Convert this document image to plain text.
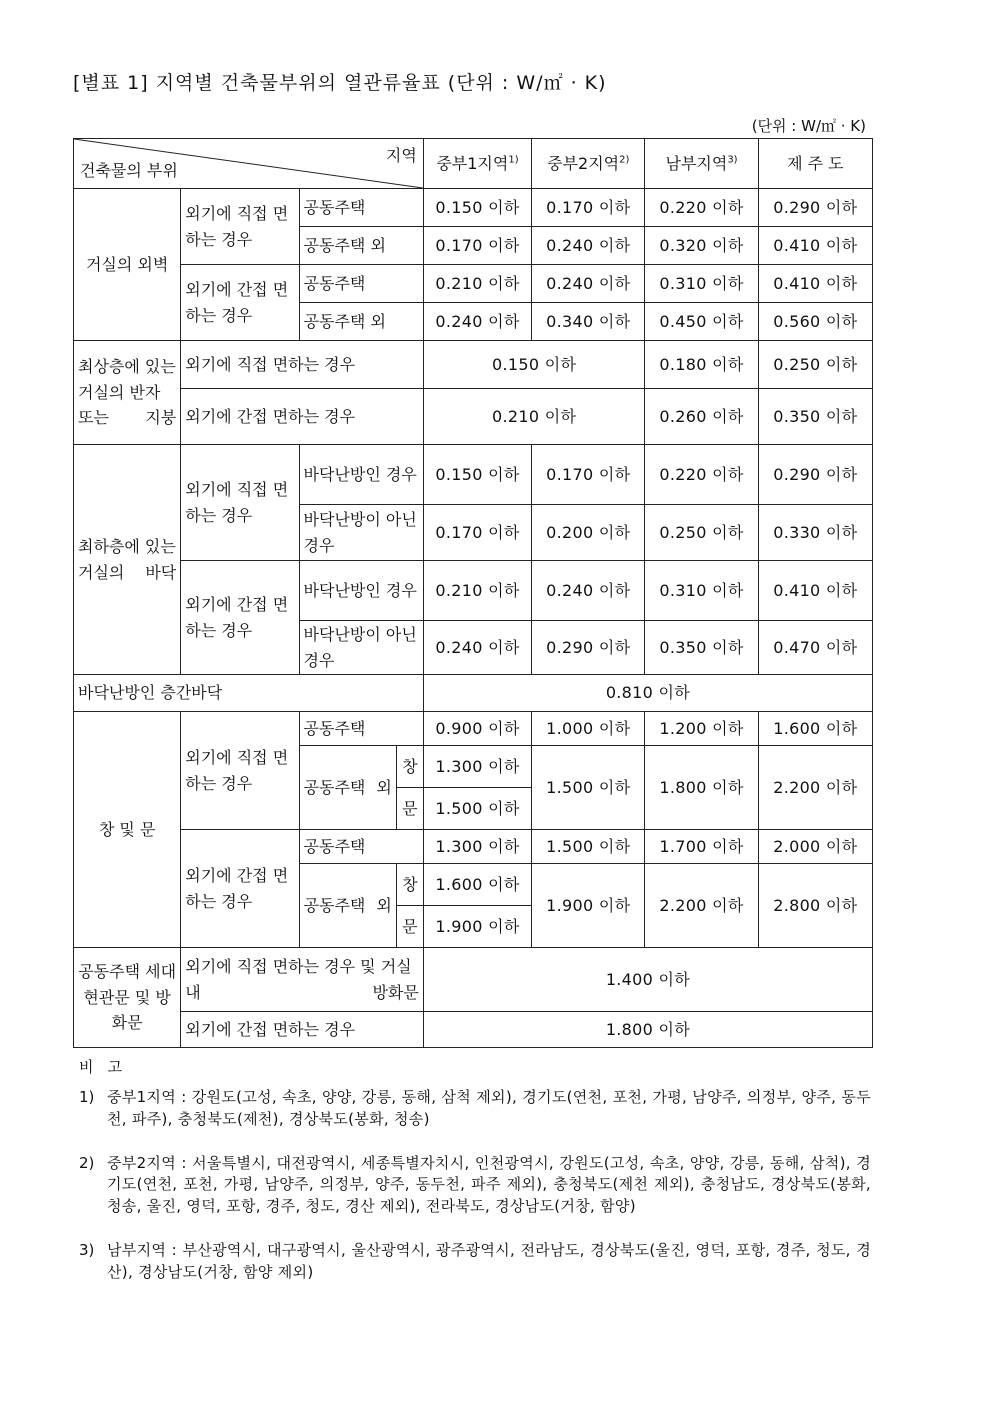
[별표 1] 지역별 건축물부위의 열관류율표 (단위 : W/㎡ · K)
(단위 : W/㎡ · K)
지역
건축물의 부위				중부1지역$^{1)}$	중부2지역$^{2)}$	남부지역$^{3)}$	제 주 도
거실의 외벽	외기에 직접 면하는 경우	공동주택		0.150 이하	0.170 이하	0.220 이하	0.290 이하
		공동주택 외		0.170 이하	0.240 이하	0.320 이하	0.410 이하
	외기에 간접 면하는 경우	공동주택		0.210 이하	0.240 이하	0.310 이하	0.410 이하
		공동주택 외		0.240 이하	0.340 이하	0.450 이하	0.560 이하
최상층에 있는 거실의 반자 또는 지붕	외기에 직접 면하는 경우			0.150 이하		0.180 이하	0.250 이하
	외기에 간접 면하는 경우			0.210 이하		0.260 이하	0.350 이하
최하층에 있는 거실의 바닥	외기에 직접 면하는 경우	바닥난방인 경우		0.150 이하	0.170 이하	0.220 이하	0.290 이하
		바닥난방이 아닌 경우		0.170 이하	0.200 이하	0.250 이하	0.330 이하
	외기에 간접 면하는 경우	바닥난방인 경우		0.210 이하	0.240 이하	0.310 이하	0.410 이하
		바닥난방이 아닌 경우		0.240 이하	0.290 이하	0.350 이하	0.470 이하
바닥난방인 층간바닥				0.810 이하			
창 및 문	외기에 직접 면하는 경우	공동주택		0.900 이하	1.000 이하	1.200 이하	1.600 이하
		공동주택 외	창	1.300 이하	1.500 이하	1.800 이하	2.200 이하
			문	1.500 이하			
	외기에 간접 면하는 경우	공동주택		1.300 이하	1.500 이하	1.700 이하	2.000 이하
		공동주택 외	창	1.600 이하	1.900 이하	2.200 이하	2.800 이하
			문	1.900 이하			
공동주택 세대현관문 및 방화문	외기에 직접 면하는 경우 및 거실 내 방화문			1.400 이하			
	외기에 간접 면하는 경우			1.800 이하			
비고
1) 중부1지역 : 강원도(고성, 속초, 양양, 강릉, 동해, 삼척 제외), 경기도(연천, 포천, 가평, 남양주, 의정부, 양주, 동두천, 파주), 충청북도(제천), 경상북도(봉화, 청송)
2) 중부2지역 : 서울특별시, 대전광역시, 세종특별자치시, 인천광역시, 강원도(고성, 속초, 양양, 강릉, 동해, 삼척), 경기도(연천, 포천, 가평, 남양주, 의정부, 양주, 동두천, 파주 제외), 충청북도(제천 제외), 충청남도, 경상북도(봉화, 청송, 울진, 영덕, 포항, 경주, 청도, 경산 제외), 전라북도, 경상남도(거창, 함양)
3) 남부지역 : 부산광역시, 대구광역시, 울산광역시, 광주광역시, 전라남도, 경상북도(울진, 영덕, 포항, 경주, 청도, 경산), 경상남도(거창, 함양 제외)
